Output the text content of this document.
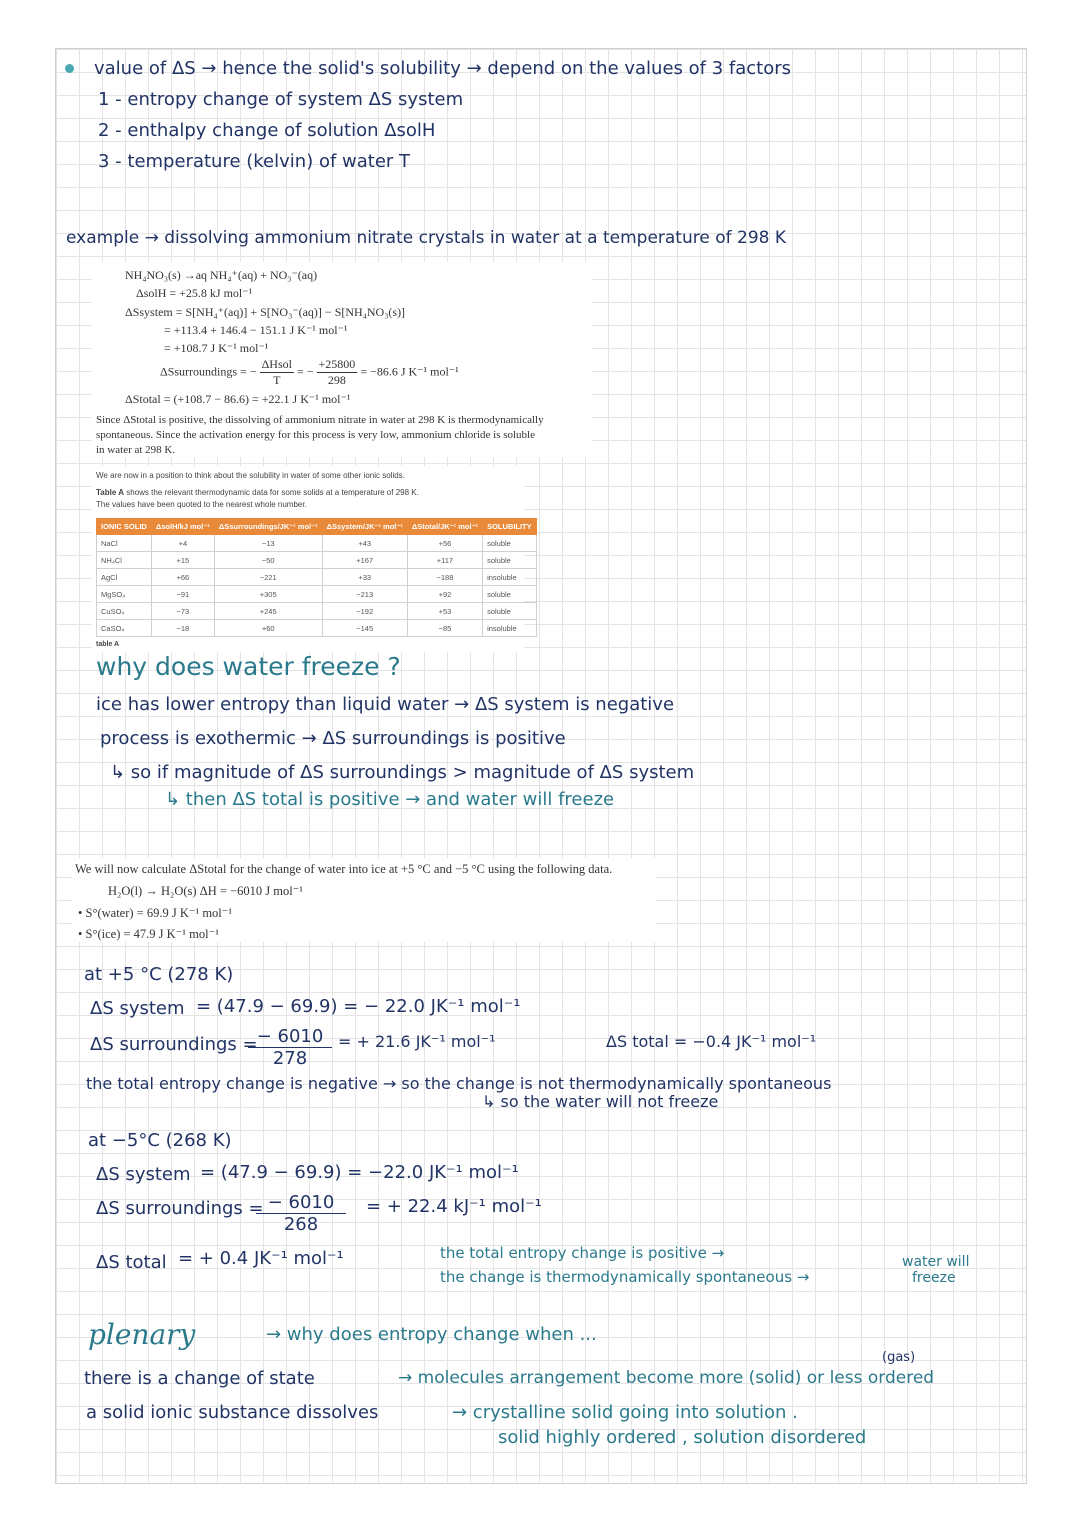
value of ΔS → hence the solid's solubility → depend on the values of 3 factors
1 - entropy change of system ΔS system
2 - enthalpy change of solution ΔsolH
3 - temperature (kelvin) of water T
example → dissolving ammonium nitrate crystals in water at a temperature of 298 K
NH₄NO₃(s) →aq NH₄⁺(aq) + NO₃⁻(aq)
ΔsolH = +25.8 kJ mol⁻¹
ΔSsystem = S[NH₄⁺(aq)] + S[NO₃⁻(aq)] − S[NH₄NO₃(s)]
= +113.4 + 146.4 − 151.1 J K⁻¹ mol⁻¹
= +108.7 J K⁻¹ mol⁻¹
ΔSsurroundings = − $\frac{\text{ΔHsol}}{T}$ = − $\frac{+25800}{298} = -86.6$ J K⁻¹ mol⁻¹
ΔStotal = (+108.7 − 86.6) = +22.1 J K⁻¹ mol⁻¹
Since ΔStotal is positive, the dissolving of ammonium nitrate in water at 298 K is thermodynamically
spontaneous. Since the activation energy for this process is very low, ammonium chloride is soluble
in water at 298 K.
We are now in a position to think about the solubility in water of some other ionic solids.
Table A shows the relevant thermodynamic data for some solids at a temperature of 298 K.
The values have been quoted to the nearest whole number.
IONIC SOLID	ΔsolH/kJ mol⁻¹	ΔSsurroundings/JK⁻¹ mol⁻¹	ΔSsystem/JK⁻¹ mol⁻¹	ΔStotal/JK⁻¹ mol⁻¹	SOLUBILITY
NaCl	+4	−13	+43	+56	soluble
NH₄Cl	+15	−50	+167	+117	soluble
AgCl	+66	−221	+33	−188	insoluble
MgSO₄	−91	+305	−213	+92	soluble
CuSO₄	−73	+245	−192	+53	soluble
CaSO₄	−18	+60	−145	−85	insoluble
table A
why does water freeze ?
ice has lower entropy than liquid water → ΔS system is negative
process is exothermic → ΔS surroundings is positive
↳ so if magnitude of ΔS surroundings > magnitude of ΔS system
↳ then ΔS total is positive → and water will freeze
We will now calculate ΔStotal for the change of water into ice at +5 °C and −5 °C using the following data.
H₂O(l) → H₂O(s) ΔH = −6010 J mol⁻¹
• S°(water) = 69.9 J K⁻¹ mol⁻¹
• S°(ice) = 47.9 J K⁻¹ mol⁻¹
at +5 °C (278 K)
ΔS system = (47.9 − 69.9) = − 22.0 JK⁻¹ mol⁻¹
ΔS surroundings =
$\frac{- 6010}{278}$ = + 21.6 JK⁻¹ mol⁻¹	ΔS total = −0.4 JK⁻¹ mol⁻¹
the total entropy change is negative → so the change is not thermodynamically spontaneous
↳ so the water will not freeze
at −5°C (268 K)
ΔS system = (47.9 − 69.9) = −22.0 JK⁻¹ mol⁻¹
ΔS surroundings =
$\frac{- 6010}{268}$ = + 22.4 kJ⁻¹ mol⁻¹
ΔS total = + 0.4 JK⁻¹ mol⁻¹	the total entropy change is positive →
the change is thermodynamically spontaneous →
water will
freeze
plenary	→ why does entropy change when ...
(gas)
there is a change of state	→ molecules arrangement become more (solid) or less ordered
a solid ionic substance dissolves	→ crystalline solid going into solution .
solid highly ordered , solution disordered
